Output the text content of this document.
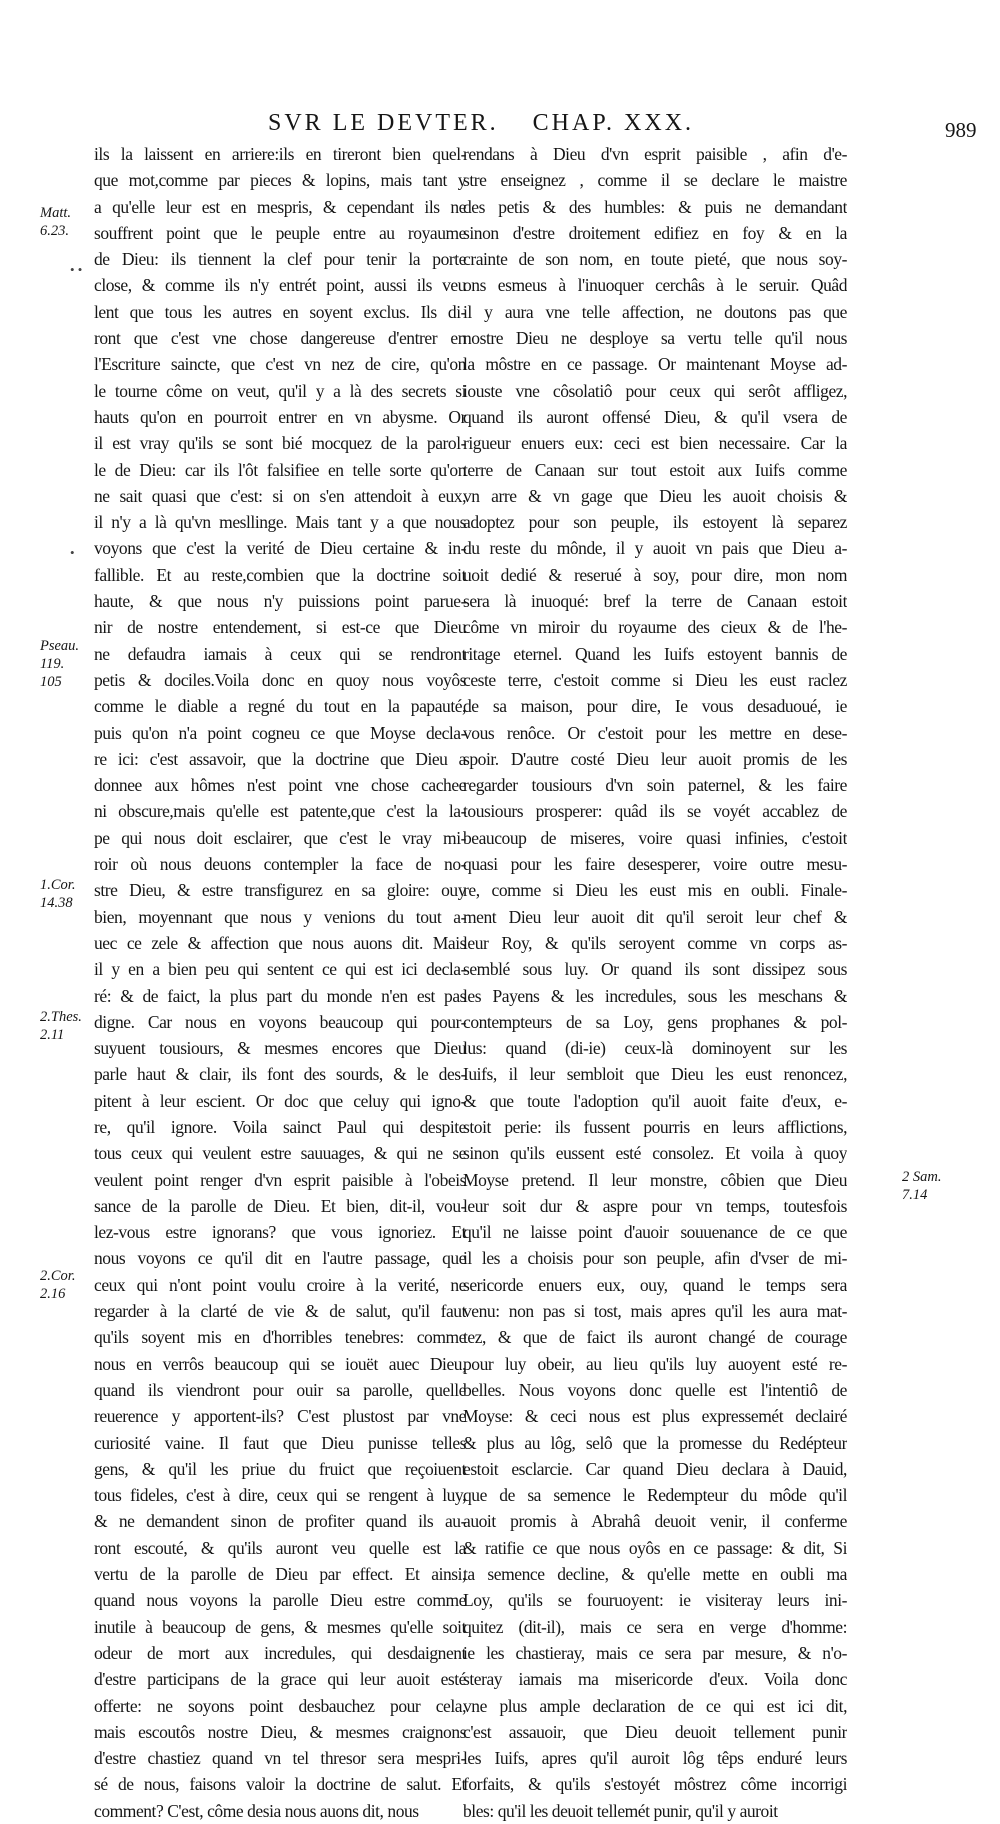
SVR LE DEVTER. CHAP. XXX.	989
ils la laissent en arriere:ils en tireront bien quel-
que mot,comme par pieces & lopins, mais tant y
a qu'elle leur est en mespris, & cependant ils ne
souffrent point que le peuple entre au royaume
de Dieu: ils tiennent la clef pour tenir la porte
close, & comme ils n'y entrét point, aussi ils veu
lent que tous les autres en soyent exclus. Ils di-
ront que c'est vne chose dangereuse d'entrer en
l'Escriture saincte, que c'est vn nez de cire, qu'on
le tourne côme on veut, qu'il y a là des secrets si
hauts qu'on en pourroit entrer en vn abysme. Or
il est vray qu'ils se sont bié mocquez de la parol-
le de Dieu: car ils l'ôt falsifiee en telle sorte qu'on
ne sait quasi que c'est: si on s'en attendoit à eux,
il n'y a là qu'vn mesllinge. Mais tant y a que nous
voyons que c'est la verité de Dieu certaine & in-
fallible. Et au reste,combien que la doctrine soit
haute, & que nous n'y puissions point parue-
nir de nostre entendement, si est-ce que Dieu
ne defaudra iamais à ceux qui se rendront
petis & dociles.Voila donc en quoy nous voyôs
comme le diable a regné du tout en la papauté,
puis qu'on n'a point cogneu ce que Moyse decla-
re ici: c'est assavoir, que la doctrine que Dieu a
donnee aux hômes n'est point vne chose cachee
ni obscure,mais qu'elle est patente,que c'est la la-
pe qui nous doit esclairer, que c'est le vray mi-
roir où nous deuons contempler la face de no-
stre Dieu, & estre transfigurez en sa gloire: ouy
bien, moyennant que nous y venions du tout a-
uec ce zele & affection que nous auons dit. Mais
il y en a bien peu qui sentent ce qui est ici decla-
ré: & de faict, la plus part du monde n'en est pas
digne. Car nous en voyons beaucoup qui pour-
suyuent tousiours, & mesmes encores que Dieu
parle haut & clair, ils font des sourds, & le des-
pitent à leur escient. Or doc que celuy qui igno-
re, qu'il ignore. Voila sainct Paul qui despite
tous ceux qui veulent estre sauuages, & qui ne se
veulent point renger d'vn esprit paisible à l'obeis
sance de la parolle de Dieu. Et bien, dit-il, vou-
lez-vous estre ignorans? que vous ignoriez. Et
nous voyons ce qu'il dit en l'autre passage, que
ceux qui n'ont point voulu croire à la verité, ne
regarder à la clarté de vie & de salut, qu'il faut
qu'ils soyent mis en d'horribles tenebres: comme
nous en verrôs beaucoup qui se iouët auec Dieu,
quand ils viendront pour ouir sa parolle, quelle
reuerence y apportent-ils? C'est plustost par vne
curiosité vaine. Il faut que Dieu punisse telles
gens, & qu'il les priue du fruict que reçoiuent
tous fideles, c'est à dire, ceux qui se rengent à luy,
& ne demandent sinon de profiter quand ils au-
ront escouté, & qu'ils auront veu quelle est la
vertu de la parolle de Dieu par effect. Et ainsi,
quand nous voyons la parolle Dieu estre comme
inutile à beaucoup de gens, & mesmes qu'elle soit
odeur de mort aux incredules, qui desdaignent
d'estre participans de la grace qui leur auoit esté
offerte: ne soyons point desbauchez pour cela,
mais escoutôs nostre Dieu, & mesmes craignons
d'estre chastiez quand vn tel thresor sera mespri-
sé de nous, faisons valoir la doctrine de salut. Et
comment? C'est, côme desia nous auons dit, nous
rendans à Dieu d'vn esprit paisible , afin d'e-
stre enseignez , comme il se declare le maistre
des petis & des humbles: & puis ne demandant
sinon d'estre droitement edifiez en foy & en la
crainte de son nom, en toute pieté, que nous soy-
ons esmeus à l'inuoquer cerchâs à le seruir. Quâd
il y aura vne telle affection, ne doutons pas que
nostre Dieu ne desploye sa vertu telle qu'il nous
la môstre en ce passage. Or maintenant Moyse ad-
iouste vne côsolatiô pour ceux qui serôt affligez,
quand ils auront offensé Dieu, & qu'il vsera de
rigueur enuers eux: ceci est bien necessaire. Car la
terre de Canaan sur tout estoit aux Iuifs comme
vn arre & vn gage que Dieu les auoit choisis &
adoptez pour son peuple, ils estoyent là separez
du reste du mônde, il y auoit vn pais que Dieu a-
uoit dedié & reserué à soy, pour dire, mon nom
sera là inuoqué: bref la terre de Canaan estoit
côme vn miroir du royaume des cieux & de l'he-
ritage eternel. Quand les Iuifs estoyent bannis de
ceste terre, c'estoit comme si Dieu les eust raclez
de sa maison, pour dire, Ie vous desaduoué, ie
vous renôce. Or c'estoit pour les mettre en dese-
spoir. D'autre costé Dieu leur auoit promis de les
regarder tousiours d'vn soin paternel, & les faire
tousiours prosperer: quâd ils se voyét accablez de
beaucoup de miseres, voire quasi infinies, c'estoit
quasi pour les faire desesperer, voire outre mesu-
re, comme si Dieu les eust mis en oubli. Finale-
ment Dieu leur auoit dit qu'il seroit leur chef &
leur Roy, & qu'ils seroyent comme vn corps as-
semblé sous luy. Or quand ils sont dissipez sous
les Payens & les incredules, sous les meschans &
contempteurs de sa Loy, gens prophanes & pol-
lus: quand (di-ie) ceux-là dominoyent sur les
Iuifs, il leur sembloit que Dieu les eust renoncez,
& que toute l'adoption qu'il auoit faite d'eux, e-
stoit perie: ils fussent pourris en leurs afflictions,
sinon qu'ils eussent esté consolez. Et voila à quoy
Moyse pretend. Il leur monstre, côbien que Dieu
leur soit dur & aspre pour vn temps, toutesfois
qu'il ne laisse point d'auoir souuenance de ce que
il les a choisis pour son peuple, afin d'vser de mi-
sericorde enuers eux, ouy, quand le temps sera
venu: non pas si tost, mais apres qu'il les aura mat-
tez, & que de faict ils auront changé de courage
pour luy obeir, au lieu qu'ils luy auoyent esté re-
belles. Nous voyons donc quelle est l'intentiô de
Moyse: & ceci nous est plus expressemét declairé
& plus au lôg, selô que la promesse du Redépteur
estoit esclarcie. Car quand Dieu declara à Dauid,
que de sa semence le Redempteur du môde qu'il
auoit promis à Abrahâ deuoit venir, il conferme
& ratifie ce que nous oyôs en ce passage: & dit, Si
ta semence decline, & qu'elle mette en oubli ma
Loy, qu'ils se fouruoyent: ie visiteray leurs ini-
quitez (dit-il), mais ce sera en verge d'homme:
ie les chastieray, mais ce sera par mesure, & n'o-
steray iamais ma misericorde d'eux. Voila donc
vne plus ample declaration de ce qui est ici dit,
c'est assauoir, que Dieu deuoit tellement punir
les Iuifs, apres qu'il auroit lôg têps enduré leurs
forfaits, & qu'ils s'estoyét môstrez côme incorrigi
bles: qu'il les deuoit tellemét punir, qu'il y auroit
Matt.
6.23.
Pseau.
119.
105
1.Cor.
14.38
2.Thes.
2.11
2.Cor.
2.16
2 Sam.
7.14
• •
•
